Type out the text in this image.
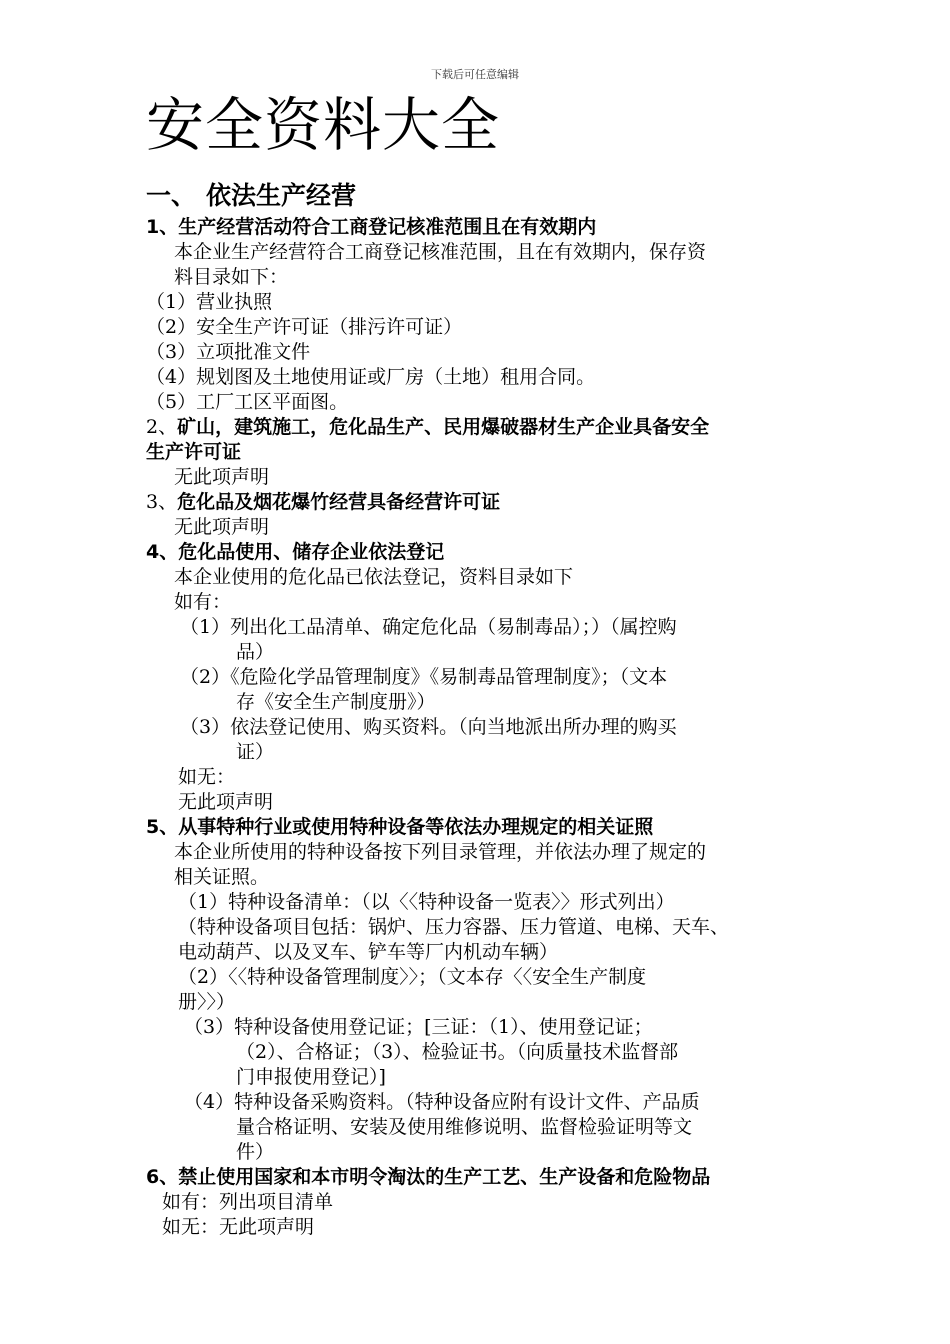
下载后可任意编辑
安全资料大全
一、 依法生产经营
1、生产经营活动符合工商登记核准范围且在有效期内
本企业生产经营符合工商登记核准范围，且在有效期内，保存资
料目录如下：
（1）营业执照
（2）安全生产许可证（排污许可证）
（3）立项批准文件
（4）规划图及土地使用证或厂房（土地）租用合同。
（5）工厂工区平面图。
2、矿山，建筑施工，危化品生产、民用爆破器材生产企业具备安全
生产许可证
无此项声明
3、危化品及烟花爆竹经营具备经营许可证
无此项声明
4、危化品使用、储存企业依法登记
本企业使用的危化品已依法登记，资料目录如下
如有：
（1）列出化工品清单、确定危化品（易制毒品）；）（属控购
品）
（2）《危险化学品管理制度》《易制毒品管理制度》；（文本
存《安全生产制度册》）
（3）依法登记使用、购买资料。（向当地派出所办理的购买
证）
如无：
无此项声明
5、从事特种行业或使用特种设备等依法办理规定的相关证照
本企业所使用的特种设备按下列目录管理，并依法办理了规定的
相关证照。
（1）特种设备清单：（以〈〈特种设备一览表〉〉形式列出）
（特种设备项目包括：锅炉、压力容器、压力管道、电梯、天车、
电动葫芦、以及叉车、铲车等厂内机动车辆）
（2）〈〈特种设备管理制度〉〉；（文本存〈〈安全生产制度
册〉〉）
（3）特种设备使用登记证；[三证：（1）、使用登记证；
（2）、合格证；（3）、检验证书。（向质量技术监督部
门申报使用登记）]
（4）特种设备采购资料。（特种设备应附有设计文件、产品质
量合格证明、安装及使用维修说明、监督检验证明等文
件）
6、禁止使用国家和本市明令淘汰的生产工艺、生产设备和危险物品
如有：列出项目清单
如无：无此项声明
